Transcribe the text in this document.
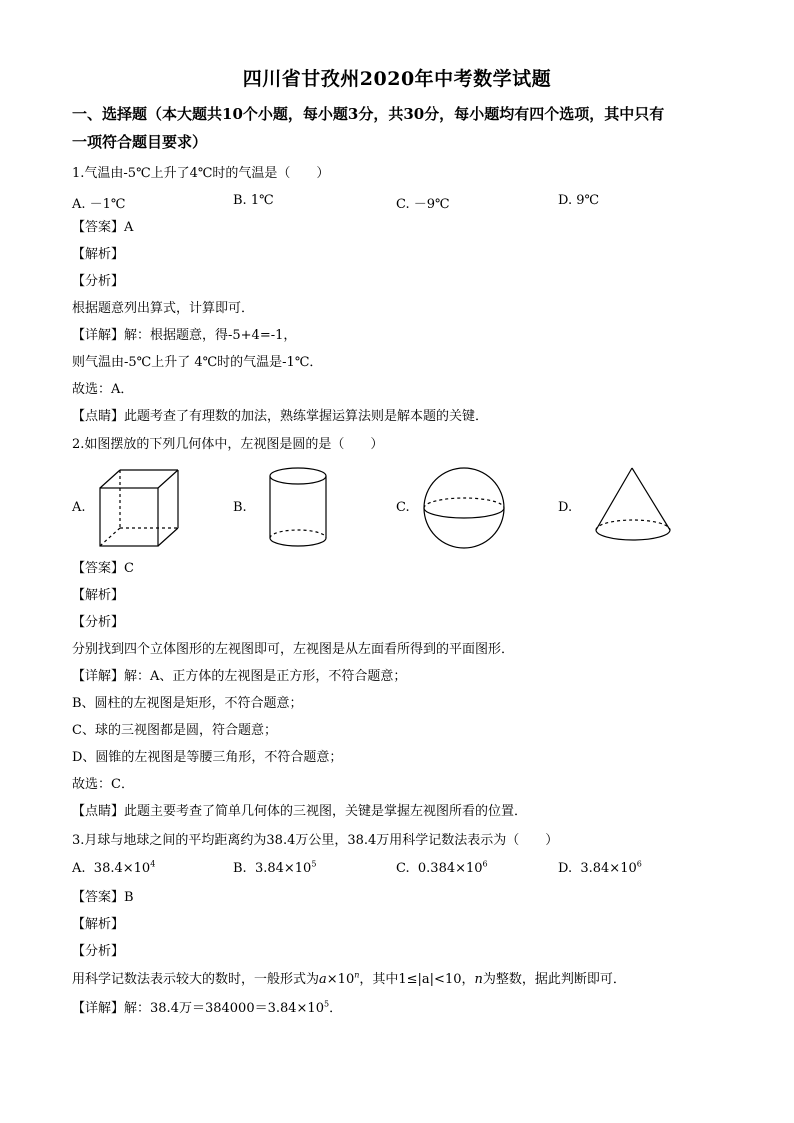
四川省甘孜州2020年中考数学试题
一、选择题（本大题共10个小题，每小题3分，共30分，每小题均有四个选项，其中只有
一项符合题目要求）
1.气温由-5℃上升了4℃时的气温是（　　）
A. －1℃	B. 1℃	C. －9℃	D. 9℃
【答案】A
【解析】
【分析】
根据题意列出算式，计算即可．
【详解】解：根据题意，得-5+4=-1，
则气温由-5℃上升了 4℃时的气温是-1℃．
故选：A．
【点睛】此题考查了有理数的加法，熟练掌握运算法则是解本题的关键．
2.如图摆放的下列几何体中，左视图是圆的是（　　）
A.	B.	C.	D.
【答案】C
【解析】
【分析】
分别找到四个立体图形的左视图即可，左视图是从左面看所得到的平面图形．
【详解】解：A、正方体的左视图是正方形，不符合题意；
B、圆柱的左视图是矩形，不符合题意；
C、球的三视图都是圆，符合题意；
D、圆锥的左视图是等腰三角形，不符合题意；
故选：C．
【点睛】此题主要考查了简单几何体的三视图，关键是掌握左视图所看的位置．
3.月球与地球之间的平均距离约为38.4万公里，38.4万用科学记数法表示为（　　）
A. $38.4\times 10^4$	B. $3.84\times 10^5$	C. $0.384\times 10^6$	D. $3.84\times 10^6$
【答案】B
【解析】
【分析】
用科学记数法表示较大的数时，一般形式为$a\times 10^n$，其中1≤|a|<10，n为整数，据此判断即可．
【详解】解：38.4万$=384000=3.84\times 10^5$．
